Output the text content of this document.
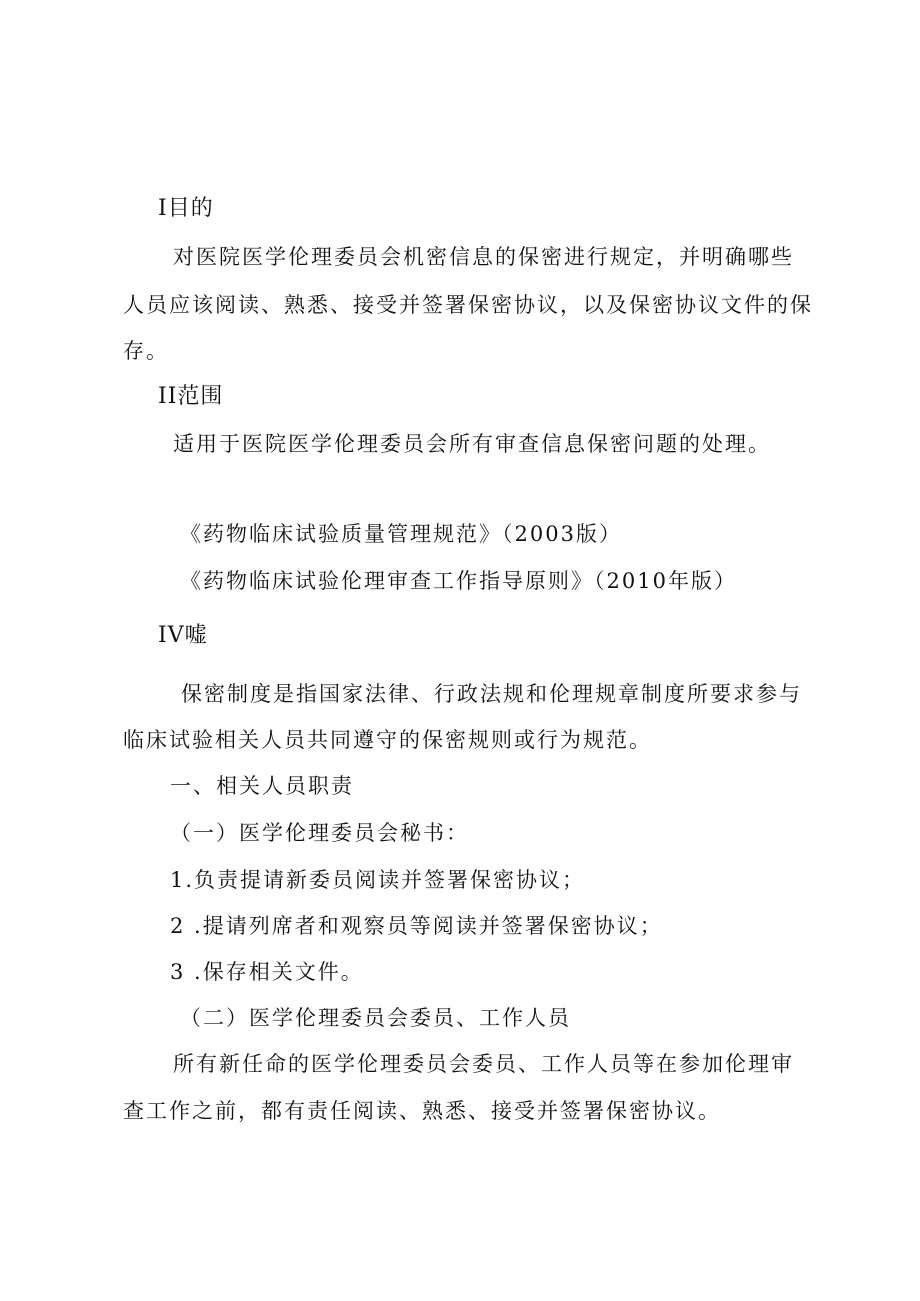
I目的
对医院医学伦理委员会机密信息的保密进行规定，并明确哪些
人员应该阅读、熟悉、接受并签署保密协议，以及保密协议文件的保
存。
II范围
适用于医院医学伦理委员会所有审查信息保密问题的处理。
《药物临床试验质量管理规范》（2003版）
《药物临床试验伦理审查工作指导原则》（2010年版）
IV嘘
保密制度是指国家法律、行政法规和伦理规章制度所要求参与
临床试验相关人员共同遵守的保密规则或行为规范。
一、相关人员职责
（一）医学伦理委员会秘书：
1.负责提请新委员阅读并签署保密协议；
2 .提请列席者和观察员等阅读并签署保密协议；
3 .保存相关文件。
（二）医学伦理委员会委员、工作人员
所有新任命的医学伦理委员会委员、工作人员等在参加伦理审
查工作之前，都有责任阅读、熟悉、接受并签署保密协议。
